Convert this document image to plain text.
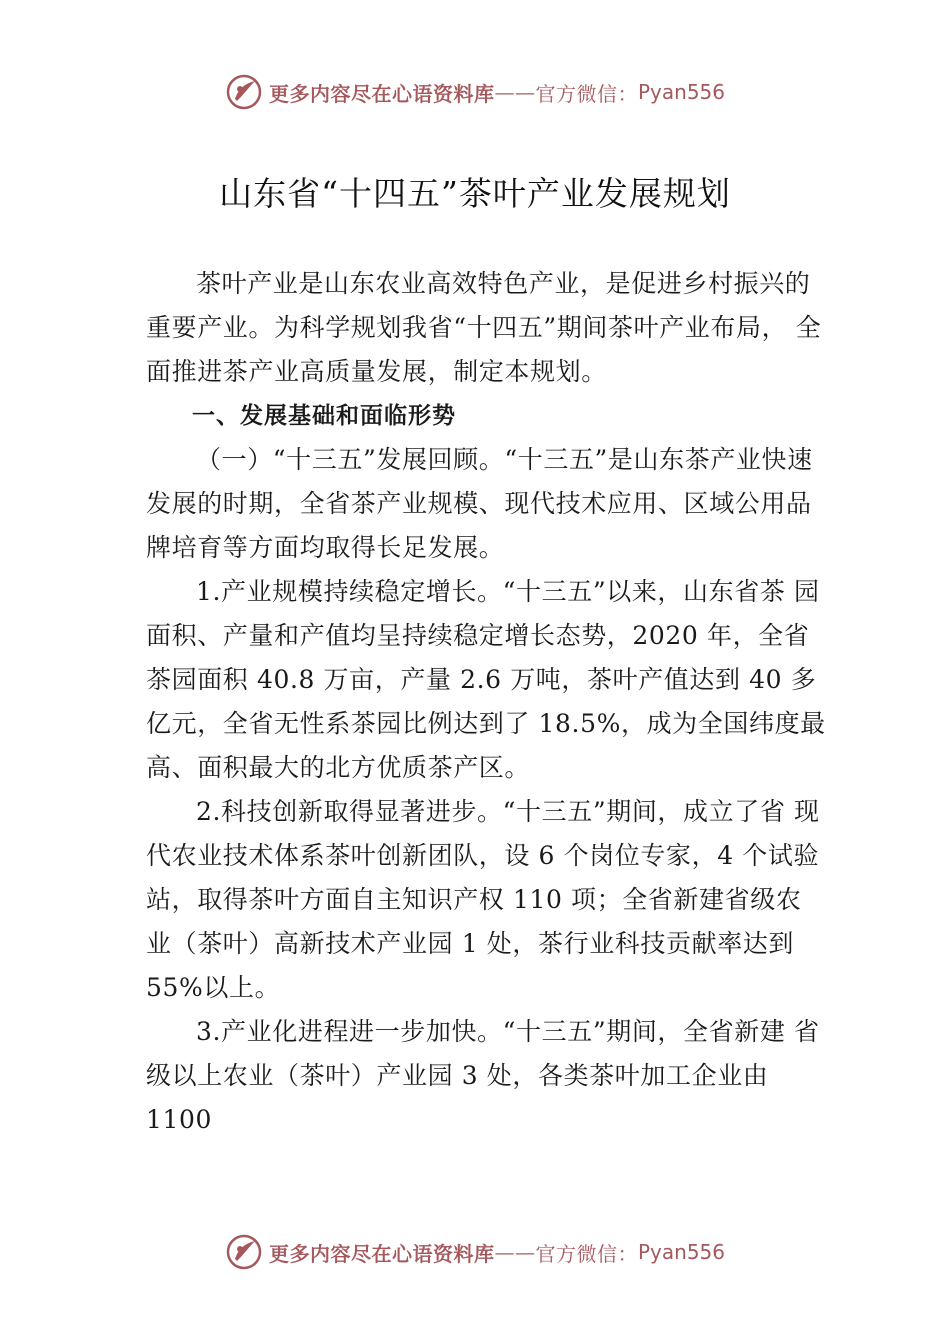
更多内容尽在心语资料库 —— 官方微信： Pyan556
山东省“十四五”茶叶产业发展规划

茶叶产业是山东农业高效特色产业，是促进乡村振兴的重要产业。为科学规划我省“十四五”期间茶叶产业布局， 全面推进茶产业高质量发展，制定本规划。

一、发展基础和面临形势

（一）“十三五”发展回顾。“十三五”是山东茶产业快速发展的时期，全省茶产业规模、现代技术应用、区域公用品牌培育等方面均取得长足发展。

1.产业规模持续稳定增长。“十三五”以来，山东省茶 园面积、产量和产值均呈持续稳定增长态势，2020 年，全省茶园面积 40.8 万亩，产量 2.6 万吨，茶叶产值达到 40 多亿元，全省无性系茶园比例达到了 18.5%，成为全国纬度最高、面积最大的北方优质茶产区。

2.科技创新取得显著进步。“十三五”期间，成立了省 现代农业技术体系茶叶创新团队，设 6 个岗位专家，4 个试验站，取得茶叶方面自主知识产权 110 项；全省新建省级农业（茶叶）高新技术产业园 1 处，茶行业科技贡献率达到 55%以上。

3.产业化进程进一步加快。“十三五”期间，全省新建 省级以上农业（茶叶）产业园 3 处，各类茶叶加工企业由 1100

更多内容尽在心语资料库 —— 官方微信： Pyan556
